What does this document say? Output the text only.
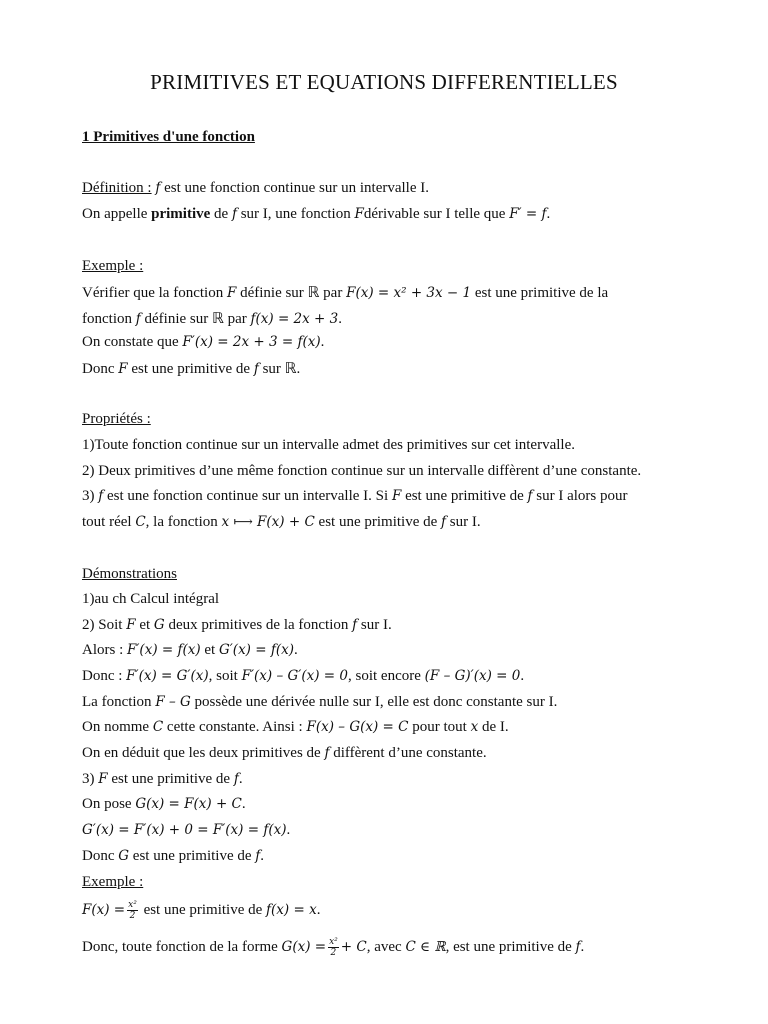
PRIMITIVES ET EQUATIONS DIFFERENTIELLES
1 Primitives d'une fonction
Définition : f est une fonction continue sur un intervalle I.
On appelle primitive de f sur I, une fonction Fdérivable sur I telle que F′ = f.
Exemple :
Vérifier que la fonction F définie sur ℝ par F(x) = x² + 3x − 1 est une primitive de la
fonction f définie sur ℝ par f(x) = 2x + 3.
On constate que F′(x) = 2x + 3 = f(x).
Donc F est une primitive de f sur ℝ.
Propriétés :
1)Toute fonction continue sur un intervalle admet des primitives sur cet intervalle.
2) Deux primitives d’une même fonction continue sur un intervalle diffèrent d’une constante.
3) f est une fonction continue sur un intervalle I. Si F est une primitive de f sur I alors pour
tout réel C, la fonction x ⟼ F(x) + C est une primitive de f sur I.
Démonstrations
1)au ch Calcul intégral
2) Soit F et G deux primitives de la fonction f sur I.
Alors : F′(x) = f(x) et G′(x) = f(x).
Donc : F′(x) = G′(x), soit F′(x) – G′(x) = 0, soit encore (F – G)′(x) = 0.
La fonction F – G possède une dérivée nulle sur I, elle est donc constante sur I.
On nomme C cette constante. Ainsi : F(x) – G(x) = C pour tout x de I.
On en déduit que les deux primitives de f diffèrent d’une constante.
3) F est une primitive de f.
On pose G(x) = F(x) + C.
G′(x) = F′(x) + 0 = F′(x) = f(x).
Donc G est une primitive de f.
Exemple :
$F(x) = \frac{\text{x²}}{2}$ est une primitive de f(x) = x.
Donc, toute fonction de la forme $G(x) = \frac{\text{x²}}{2} + C$, avec C ∈ ℝ, est une primitive de f.
